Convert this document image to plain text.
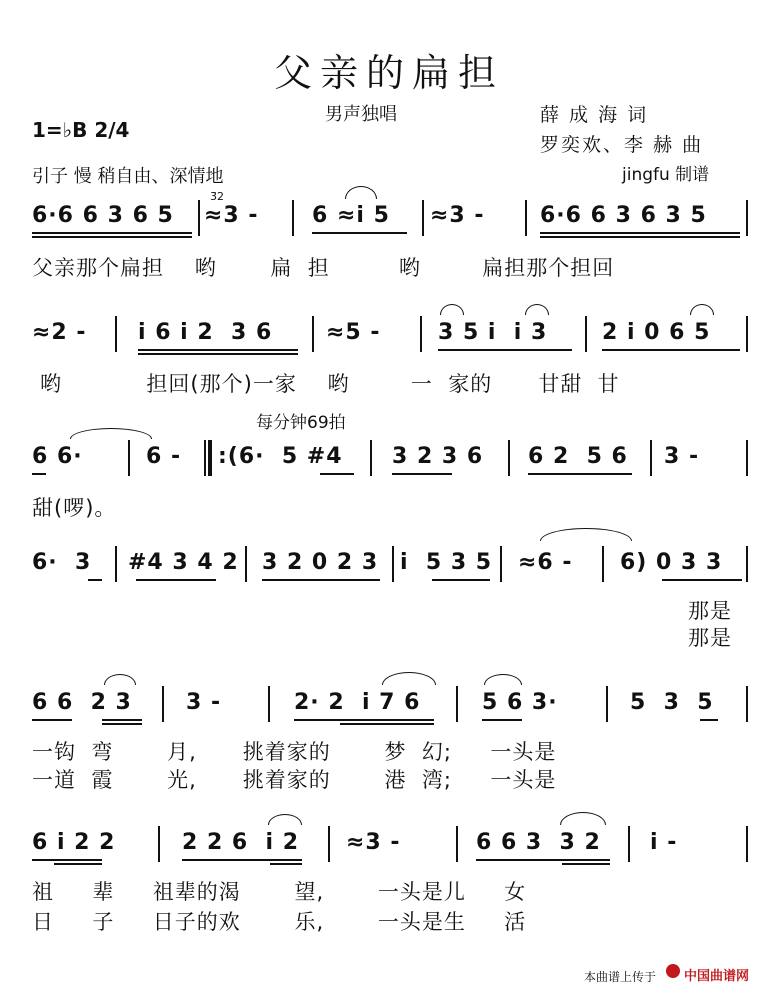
父亲的扁担
男声独唱	薛 成 海 词
罗奕欢、李 赫 曲
jingfu 制谱
1=♭B 2/4
引子 慢 稍自由、深情地
6·6 6 3 6 5 ≈3 -
3̄2
6 ≈i 5 ≈3 -	6·6 6 3 6 3 5
父亲那个扁担    哟       扁  担         哟        扁担那个担回
≈2 - i 6 i 2  3 6 ≈5 -	3 5 i  i 3 2 i 0 6 5
哟           担回(那个)一家    哟        一  家的      甘甜  甘
每分钟69拍
6 6·	6 - :(6·  5 #4 3 2 3 6 6 2  5 6 3 -
甜(啰)。
6·  3 #4 3 4 2 3 2 0 2 3 i  5 3 5 ≈6 - 6) 0 3 3
那是
那是
6 6  2 3 3 -	2· 2  i 7 6	5 6 3·	5  3  5
一钩  弯       月,      挑着家的       梦  幻;     一头是
一道  霞       光,      挑着家的       港  湾;     一头是
6 i 2 2	2 2 6  i 2 ≈3 -	6 6 3  3 2 i -
祖     辈     祖辈的渴       望,       一头是儿     女
日     子     日子的欢       乐,       一头是生     活
本曲谱上传于 中国曲谱网
